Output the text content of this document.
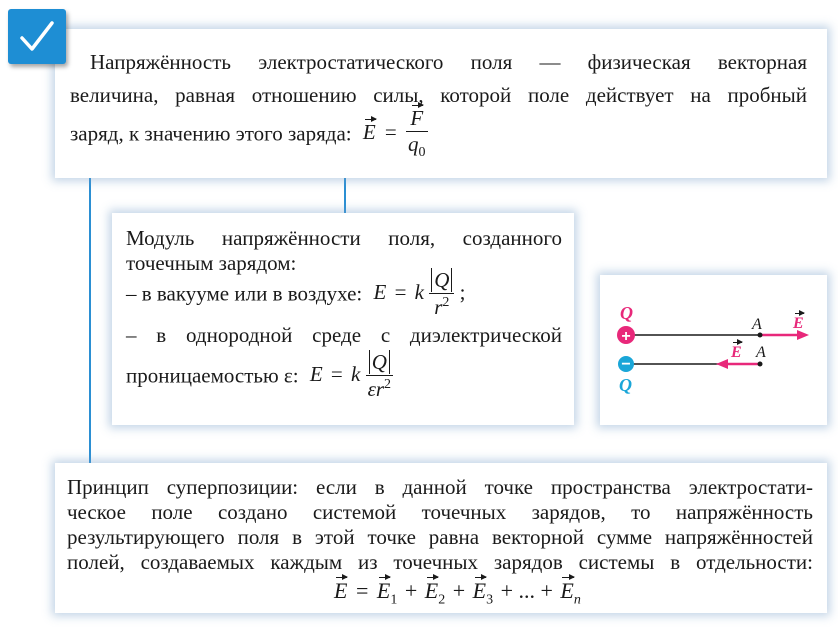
Напряжённость электростатического поля — физическая векторная
величина, равная отношению силы, которой поле действует на пробный
заряд, к значению этого заряда: $E = \frac{F}{q_0}$
Модуль напряжённости поля, созданного
точечным зарядом:
– в вакууме или в воздухе: E = k $\frac{Q}{r^2}$ ;
– в однородной среде с диэлектрической
проницаемостью ε: E = k $\frac{Q}{\varepsilon r^2}$
+
−
Q
Q
A
A
E
E
Принцип суперпозиции: если в данной точке пространства электростати-
ческое поле создано системой точечных зарядов, то напряжённость
результирующего поля в этой точке равна векторной сумме напряжённостей
полей, создаваемых каждым из точечных зарядов системы в отдельности:
$E = E_1 + E_2 + E_3$ + ... + $E_n$
